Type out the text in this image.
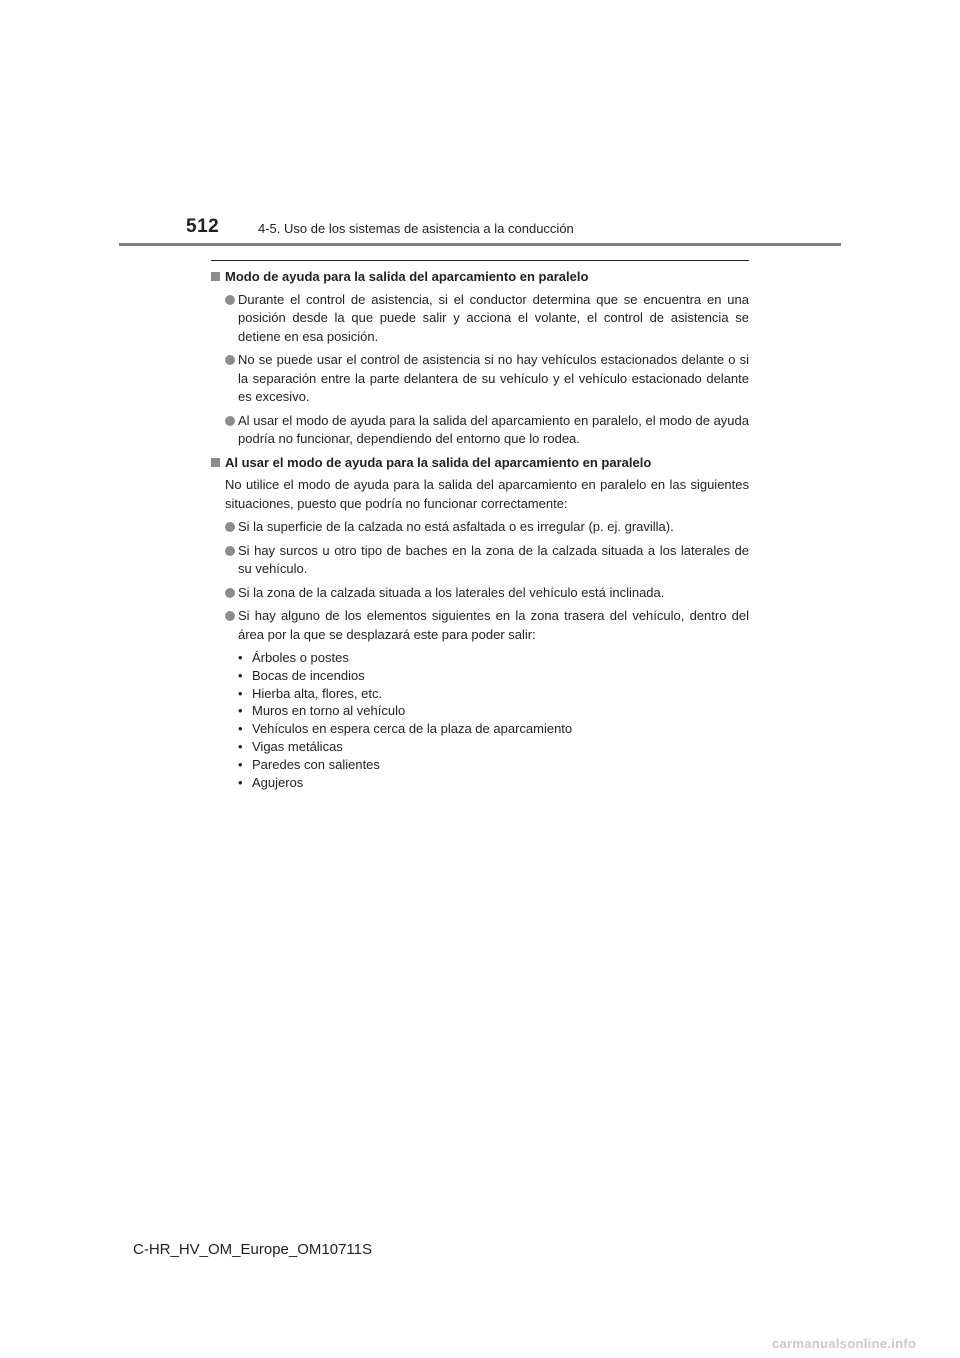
512	4-5. Uso de los sistemas de asistencia a la conducción
Modo de ayuda para la salida del aparcamiento en paralelo
Durante el control de asistencia, si el conductor determina que se encuentra en una posición desde la que puede salir y acciona el volante, el control de asistencia se detiene en esa posición.
No se puede usar el control de asistencia si no hay vehículos estacionados delante o si la separación entre la parte delantera de su vehículo y el vehículo estacionado delante es excesivo.
Al usar el modo de ayuda para la salida del aparcamiento en paralelo, el modo de ayuda podría no funcionar, dependiendo del entorno que lo rodea.
Al usar el modo de ayuda para la salida del aparcamiento en paralelo
No utilice el modo de ayuda para la salida del aparcamiento en paralelo en las siguientes situaciones, puesto que podría no funcionar correctamente:
Si la superficie de la calzada no está asfaltada o es irregular (p. ej. gravilla).
Si hay surcos u otro tipo de baches en la zona de la calzada situada a los laterales de su vehículo.
Si la zona de la calzada situada a los laterales del vehículo está inclinada.
Si hay alguno de los elementos siguientes en la zona trasera del vehículo, dentro del área por la que se desplazará este para poder salir:
• Árboles o postes
• Bocas de incendios
• Hierba alta, flores, etc.
• Muros en torno al vehículo
• Vehículos en espera cerca de la plaza de aparcamiento
• Vigas metálicas
• Paredes con salientes
• Agujeros
C-HR_HV_OM_Europe_OM10711S
carmanualsonline.info
